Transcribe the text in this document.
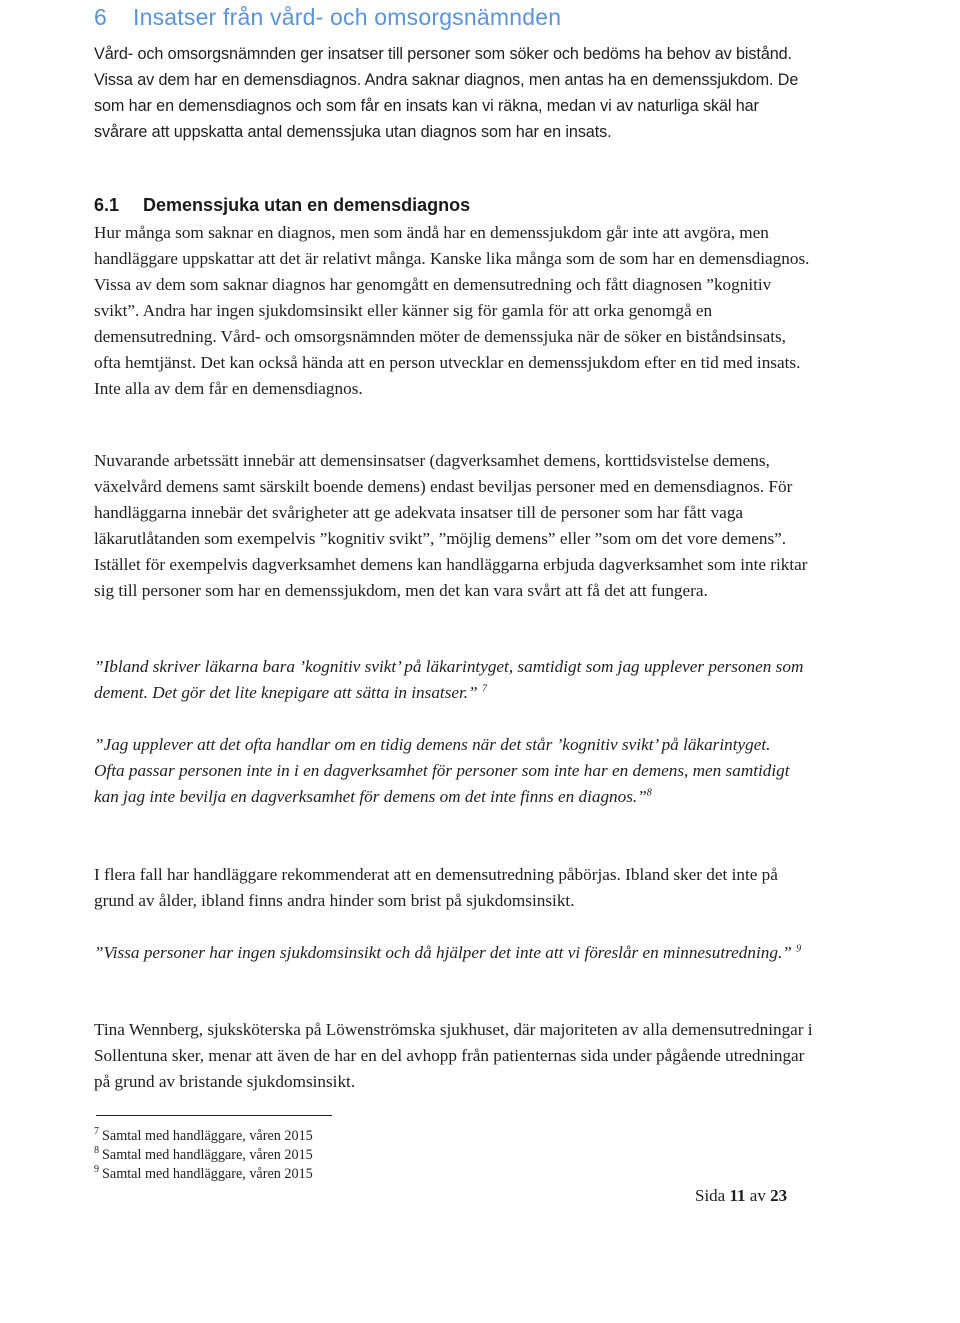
6 Insatser från vård- och omsorgsnämnden

Vård- och omsorgsnämnden ger insatser till personer som söker och bedöms ha behov av bistånd. Vissa av dem har en demensdiagnos. Andra saknar diagnos, men antas ha en demenssjukdom. De som har en demensdiagnos och som får en insats kan vi räkna, medan vi av naturliga skäl har svårare att uppskatta antal demenssjuka utan diagnos som har en insats.

6.1 Demenssjuka utan en demensdiagnos

Hur många som saknar en diagnos, men som ändå har en demenssjukdom går inte att avgöra, men handläggare uppskattar att det är relativt många. Kanske lika många som de som har en demensdiagnos. Vissa av dem som saknar diagnos har genomgått en demensutredning och fått diagnosen ”kognitiv svikt”. Andra har ingen sjukdomsinsikt eller känner sig för gamla för att orka genomgå en demensutredning. Vård- och omsorgsnämnden möter de demenssjuka när de söker en biståndsinsats, ofta hemtjänst. Det kan också hända att en person utvecklar en demenssjukdom efter en tid med insats. Inte alla av dem får en demensdiagnos.

Nuvarande arbetssätt innebär att demensinsatser (dagverksamhet demens, korttidsvistelse demens, växelvård demens samt särskilt boende demens) endast beviljas personer med en demensdiagnos. För handläggarna innebär det svårigheter att ge adekvata insatser till de personer som har fått vaga läkarutlåtanden som exempelvis ”kognitiv svikt”, ”möjlig demens” eller ”som om det vore demens”. Istället för exempelvis dagverksamhet demens kan handläggarna erbjuda dagverksamhet som inte riktar sig till personer som har en demenssjukdom, men det kan vara svårt att få det att fungera.

”Ibland skriver läkarna bara ’kognitiv svikt’ på läkarintyget, samtidigt som jag upplever personen som dement. Det gör det lite knepigare att sätta in insatser.” $^7$

”Jag upplever att det ofta handlar om en tidig demens när det står ’kognitiv svikt’ på läkarintyget. Ofta passar personen inte in i en dagverksamhet för personer som inte har en demens, men samtidigt kan jag inte bevilja en dagverksamhet för demens om det inte finns en diagnos.”$^8$

I flera fall har handläggare rekommenderat att en demensutredning påbörjas. Ibland sker det inte på grund av ålder, ibland finns andra hinder som brist på sjukdomsinsikt.

”Vissa personer har ingen sjukdomsinsikt och då hjälper det inte att vi föreslår en minnesutredning.” $^9$

Tina Wennberg, sjuksköterska på Löwenströmska sjukhuset, där majoriteten av alla demensutredningar i Sollentuna sker, menar att även de har en del avhopp från patienternas sida under pågående utredningar på grund av bristande sjukdomsinsikt.

$^7$ Samtal med handläggare, våren 2015
$^8$ Samtal med handläggare, våren 2015
$^9$ Samtal med handläggare, våren 2015
Sida 11 av 23
